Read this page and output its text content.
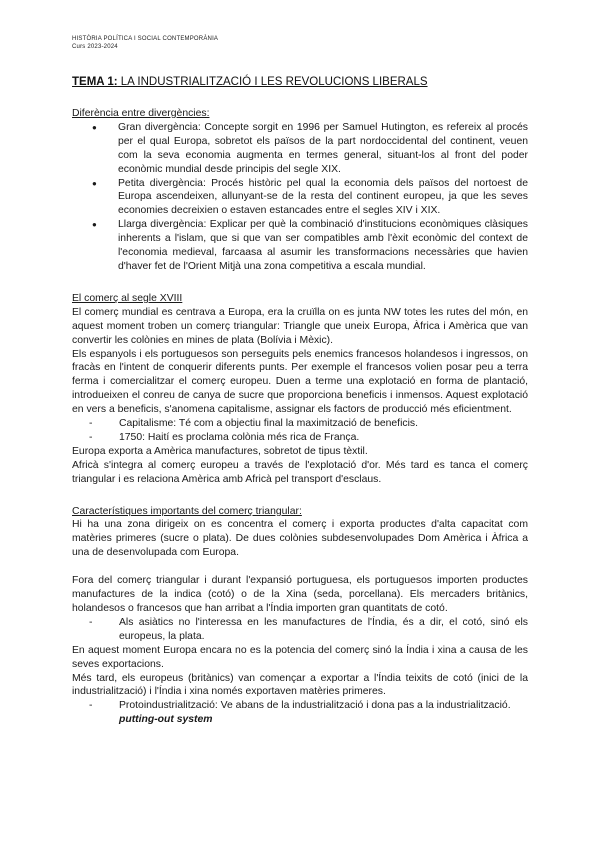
HISTÒRIA POLÍTICA I SOCIAL CONTEMPORÀNIA
Curs 2023-2024
TEMA 1: LA INDUSTRIALITZACIÓ I LES REVOLUCIONS LIBERALS
Diferència entre divergències:
● Gran divergència: Concepte sorgit en 1996 per Samuel Hutington, es refereix al procés per el qual Europa, sobretot els països de la part nordoccidental del continent, veuen com la seva economia augmenta en termes general, situant-los al front del poder econòmic mundial desde principis del segle XIX.
● Petita divergència: Procés històric pel qual la economia dels països del nortoest de Europa ascendeixen, allunyant-se de la resta del continent europeu, ja que les seves economies decreixien o estaven estancades entre el segles XIV i XIX.
● Llarga divergència: Explicar per què la combinació d'institucions econòmiques clàsiques inherents a l'islam, que si que van ser compatibles amb l'èxit econòmic del context de l'economia medieval, farcaasa al asumir les transformacions necessàries que havien d'haver fet de l'Orient Mitjà una zona competitiva a escala mundial.
El comerç al segle XVIII
El comerç mundial es centrava a Europa, era la cruïlla on es junta NW totes les rutes del món, en aquest moment troben un comerç triangular: Triangle que uneix Europa, Àfrica i Amèrica que van convertir les colònies en mines de plata (Bolívia i Mèxic).
Els espanyols i els portuguesos son perseguits pels enemics francesos holandesos i ingressos, on fracàs en l'intent de conquerir diferents punts. Per exemple el francesos volien posar peu a terra ferma i comercialitzar el comerç europeu. Duen a terme una explotació en forma de plantació, introdueixen el conreu de canya de sucre que proporciona beneficis i inmensos. Aquest explotació en vers a beneficis, s'anomena capitalisme, assignar els factors de producció més eficientment.
- Capitalisme: Té com a objectiu final la maximització de beneficis.
- 1750: Haití es proclama colònia més rica de França.
Europa exporta a Amèrica manufactures, sobretot de tipus tèxtil.
Africà s'integra al comerç europeu a través de l'explotació d'or. Més tard es tanca el comerç triangular i es relaciona Amèrica amb Africà pel transport d'esclaus.
Característiques importants del comerç triangular:
Hi ha una zona dirigeix on es concentra el comerç i exporta productes d'alta capacitat com matèries primeres (sucre o plata). De dues colònies subdesenvolupades Dom Amèrica i Àfrica a una de desenvolupada com Europa.
Fora del comerç triangular i durant l'expansió portuguesa, els portuguesos importen productes manufactures de la indica (cotó) o de la Xina (seda, porcellana). Els mercaders britànics, holandesos o francesos que han arribat a l'Índia importen gran quantitats de cotó.
- Als asiàtics no l'interessa en les manufactures de l'Índia, és a dir, el cotó, sinó els europeus, la plata.
En aquest moment Europa encara no es la potencia del comerç sinó la Índia i xina a causa de les seves exportacions.
Més tard, els europeus (britànics) van començar a exportar a l'Índia teixits de cotó (inici de la industrialització) i l'Índia i xina només exportaven matèries primeres.
- Protoindustrialització: Ve abans de la industrialització i dona pas a la industrialització.
putting-out system
